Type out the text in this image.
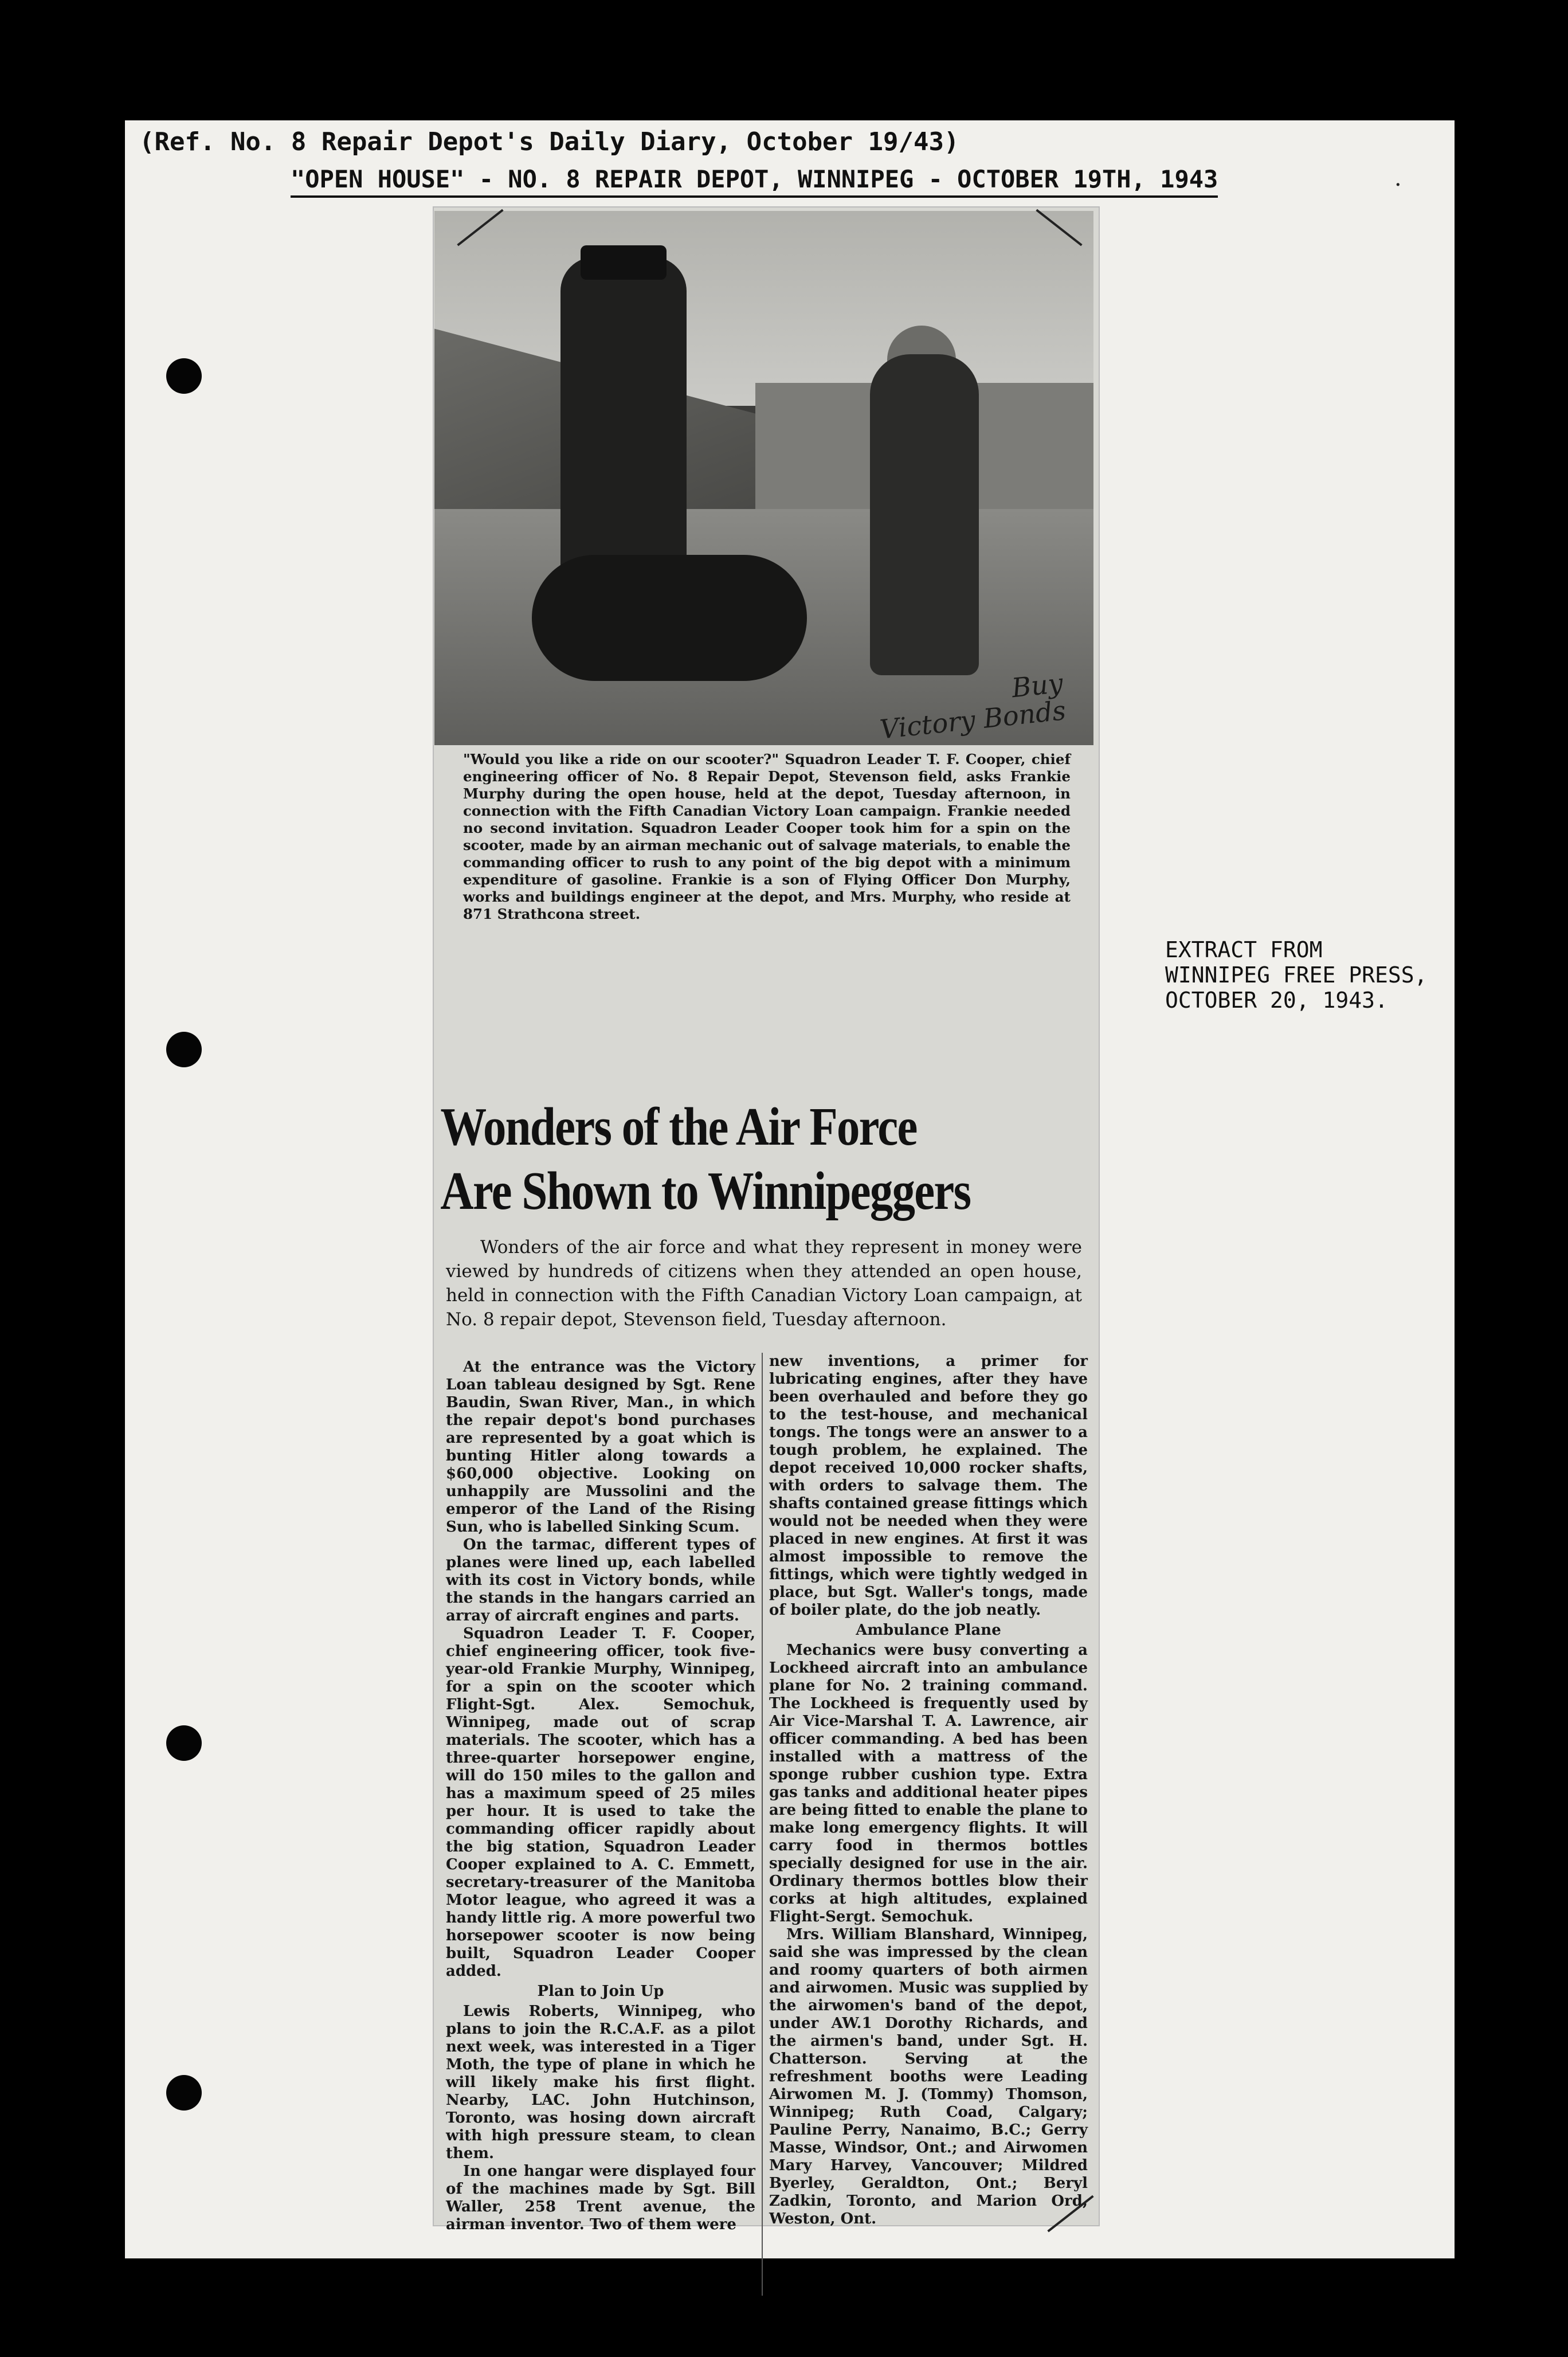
(Ref. No. 8 Repair Depot's Daily Diary, October 19/43)
"OPEN HOUSE" - NO. 8 REPAIR DEPOT, WINNIPEG - OCTOBER 19TH, 1943
EXTRACT FROM
WINNIPEG FREE PRESS,
OCTOBER 20, 1943.
·
Buy
Victory Bonds
"Would you like a ride on our scooter?" Squadron Leader T. F. Cooper, chief engineering officer of No. 8 Repair Depot, Stevenson field, asks Frankie Murphy during the open house, held at the depot, Tuesday afternoon, in connection with the Fifth Canadian Victory Loan campaign. Frankie needed no second invitation. Squadron Leader Cooper took him for a spin on the scooter, made by an airman mechanic out of salvage materials, to enable the commanding officer to rush to any point of the big depot with a minimum expenditure of gasoline. Frankie is a son of Flying Officer Don Murphy, works and buildings engineer at the depot, and Mrs. Murphy, who reside at 871 Strathcona street.
Wonders of the Air Force
Are Shown to Winnipeggers
Wonders of the air force and what they represent in money were viewed by hundreds of citizens when they attended an open house, held in connection with the Fifth Canadian Victory Loan campaign, at No. 8 repair depot, Stevenson field, Tuesday afternoon.

At the entrance was the Victory Loan tableau designed by Sgt. Rene Baudin, Swan River, Man., in which the repair depot's bond purchases are represented by a goat which is bunting Hitler along towards a $60,000 objective. Looking on unhappily are Mussolini and the emperor of the Land of the Rising Sun, who is labelled Sinking Scum.

On the tarmac, different types of planes were lined up, each labelled with its cost in Victory bonds, while the stands in the hangars carried an array of aircraft engines and parts.

Squadron Leader T. F. Cooper, chief engineering officer, took five-year-old Frankie Murphy, Winnipeg, for a spin on the scooter which Flight-Sgt. Alex. Semochuk, Winnipeg, made out of scrap materials. The scooter, which has a three-quarter horsepower engine, will do 150 miles to the gallon and has a maximum speed of 25 miles per hour. It is used to take the commanding officer rapidly about the big station, Squadron Leader Cooper explained to A. C. Emmett, secretary-treasurer of the Manitoba Motor league, who agreed it was a handy little rig. A more powerful two horsepower scooter is now being built, Squadron Leader Cooper added.

Plan to Join Up

Lewis Roberts, Winnipeg, who plans to join the R.C.A.F. as a pilot next week, was interested in a Tiger Moth, the type of plane in which he will likely make his first flight. Nearby, LAC. John Hutchinson, Toronto, was hosing down aircraft with high pressure steam, to clean them.

In one hangar were displayed four of the machines made by Sgt. Bill Waller, 258 Trent avenue, the airman inventor. Two of them were

new inventions, a primer for lubricating engines, after they have been overhauled and before they go to the test-house, and mechanical tongs. The tongs were an answer to a tough problem, he explained. The depot received 10,000 rocker shafts, with orders to salvage them. The shafts contained grease fittings which would not be needed when they were placed in new engines. At first it was almost impossible to remove the fittings, which were tightly wedged in place, but Sgt. Waller's tongs, made of boiler plate, do the job neatly.

Ambulance Plane

Mechanics were busy converting a Lockheed aircraft into an ambulance plane for No. 2 training command. The Lockheed is frequently used by Air Vice-Marshal T. A. Lawrence, air officer commanding. A bed has been installed with a mattress of the sponge rubber cushion type. Extra gas tanks and additional heater pipes are being fitted to enable the plane to make long emergency flights. It will carry food in thermos bottles specially designed for use in the air. Ordinary thermos bottles blow their corks at high altitudes, explained Flight-Sergt. Semochuk.

Mrs. William Blanshard, Winnipeg, said she was impressed by the clean and roomy quarters of both airmen and airwomen. Music was supplied by the airwomen's band of the depot, under AW.1 Dorothy Richards, and the airmen's band, under Sgt. H. Chatterson. Serving at the refreshment booths were Leading Airwomen M. J. (Tommy) Thomson, Winnipeg; Ruth Coad, Calgary; Pauline Perry, Nanaimo, B.C.; Gerry Masse, Windsor, Ont.; and Airwomen Mary Harvey, Vancouver; Mildred Byerley, Geraldton, Ont.; Beryl Zadkin, Toronto, and Marion Ord, Weston, Ont.
